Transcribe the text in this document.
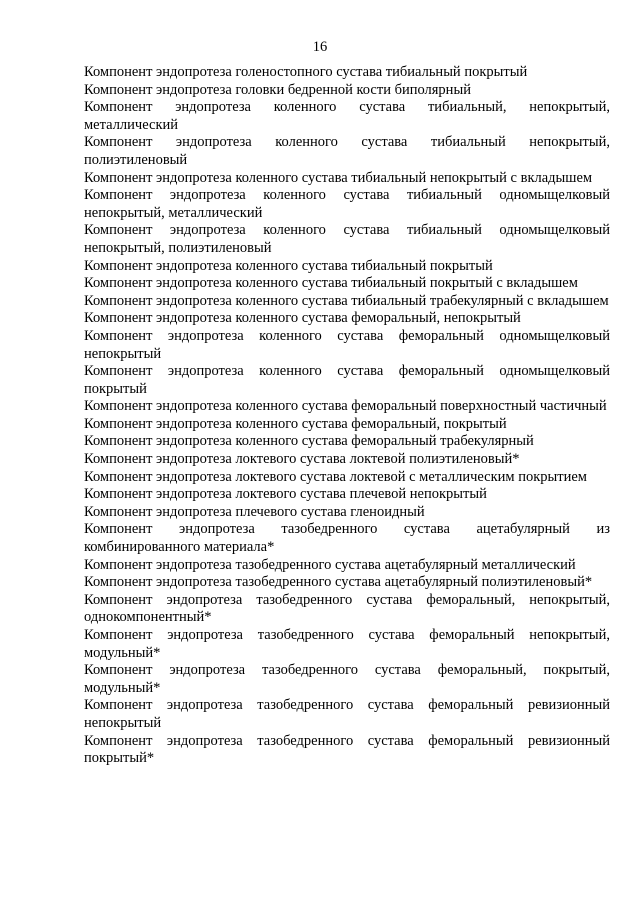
16

Компонент эндопротеза голеностопного сустава тибиальный покрытый

Компонент эндопротеза головки бедренной кости биполярный

Компонент эндопротеза коленного сустава тибиальный, непокрытый, металлический

Компонент эндопротеза коленного сустава тибиальный непокрытый, полиэтиленовый

Компонент эндопротеза коленного сустава тибиальный непокрытый с вкладышем

Компонент эндопротеза коленного сустава тибиальный одномыщелковый непокрытый, металлический

Компонент эндопротеза коленного сустава тибиальный одномыщелковый непокрытый, полиэтиленовый

Компонент эндопротеза коленного сустава тибиальный покрытый

Компонент эндопротеза коленного сустава тибиальный покрытый с вкладышем

Компонент эндопротеза коленного сустава тибиальный трабекулярный с вкладышем

Компонент эндопротеза коленного сустава феморальный, непокрытый

Компонент эндопротеза коленного сустава феморальный одномыщелковый непокрытый

Компонент эндопротеза коленного сустава феморальный одномыщелковый покрытый

Компонент эндопротеза коленного сустава феморальный поверхностный частичный

Компонент эндопротеза коленного сустава феморальный, покрытый

Компонент эндопротеза коленного сустава феморальный трабекулярный

Компонент эндопротеза локтевого сустава локтевой полиэтиленовый*

Компонент эндопротеза локтевого сустава локтевой с металлическим покрытием

Компонент эндопротеза локтевого сустава плечевой непокрытый

Компонент эндопротеза плечевого сустава гленоидный

Компонент эндопротеза тазобедренного сустава ацетабулярный из комбинированного материала*

Компонент эндопротеза тазобедренного сустава ацетабулярный металлический

Компонент эндопротеза тазобедренного сустава ацетабулярный полиэтиленовый*

Компонент эндопротеза тазобедренного сустава феморальный, непокрытый, однокомпонентный*

Компонент эндопротеза тазобедренного сустава феморальный непокрытый, модульный*

Компонент эндопротеза тазобедренного сустава феморальный, покрытый, модульный*

Компонент эндопротеза тазобедренного сустава феморальный ревизионный непокрытый

Компонент эндопротеза тазобедренного сустава феморальный ревизионный покрытый*
